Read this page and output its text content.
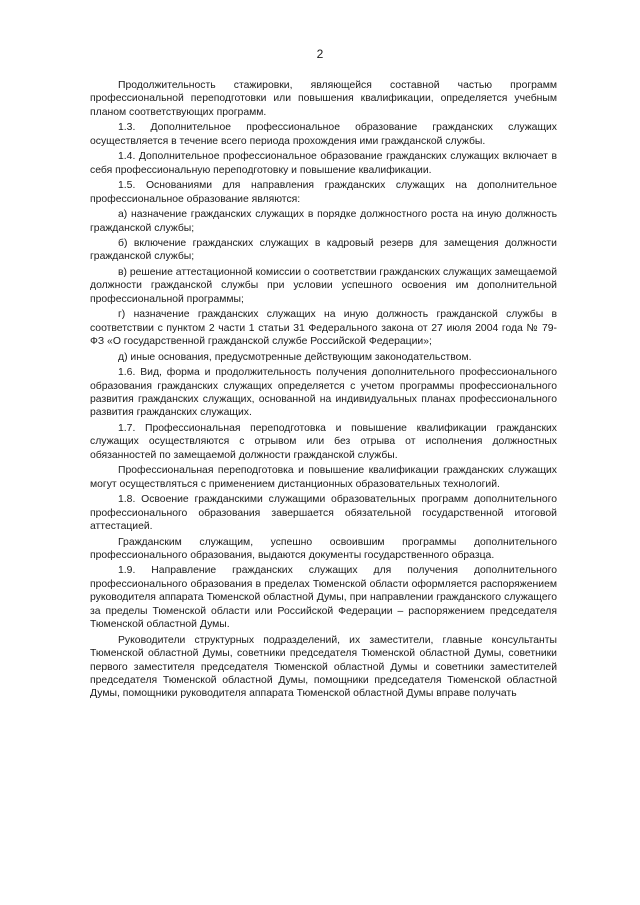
2

Продолжительность стажировки, являющейся составной частью программ профессиональной переподготовки или повышения квалификации, определяется учебным планом соответствующих программ.

1.3. Дополнительное профессиональное образование гражданских служащих осуществляется в течение всего периода прохождения ими гражданской службы.

1.4. Дополнительное профессиональное образование гражданских служащих включает в себя профессиональную переподготовку и повышение квалификации.

1.5. Основаниями для направления гражданских служащих на дополнительное профессиональное образование являются:

а) назначение гражданских служащих в порядке должностного роста на иную должность гражданской службы;

б) включение гражданских служащих в кадровый резерв для замещения должности гражданской службы;

в) решение аттестационной комиссии о соответствии гражданских служащих замещаемой должности гражданской службы при условии успешного освоения им дополнительной профессиональной программы;

г) назначение гражданских служащих на иную должность гражданской службы в соответствии с пунктом 2 части 1 статьи 31 Федерального закона от 27 июля 2004 года № 79-ФЗ «О государственной гражданской службе Российской Федерации»;

д) иные основания, предусмотренные действующим законодательством.

1.6. Вид, форма и продолжительность получения дополнительного профессионального образования гражданских служащих определяется с учетом программы профессионального развития гражданских служащих, основанной на индивидуальных планах профессионального развития гражданских служащих.

1.7. Профессиональная переподготовка и повышение квалификации гражданских служащих осуществляются с отрывом или без отрыва от исполнения должностных обязанностей по замещаемой должности гражданской службы.

Профессиональная переподготовка и повышение квалификации гражданских служащих могут осуществляться с применением дистанционных образовательных технологий.

1.8. Освоение гражданскими служащими образовательных программ дополнительного профессионального образования завершается обязательной государственной итоговой аттестацией.

Гражданским служащим, успешно освоившим программы дополнительного профессионального образования, выдаются документы государственного образца.

1.9. Направление гражданских служащих для получения дополнительного профессионального образования в пределах Тюменской области оформляется распоряжением руководителя аппарата Тюменской областной Думы, при направлении гражданского служащего за пределы Тюменской области или Российской Федерации – распоряжением председателя Тюменской областной Думы.

Руководители структурных подразделений, их заместители, главные консультанты Тюменской областной Думы, советники председателя Тюменской областной Думы, советники первого заместителя председателя Тюменской областной Думы и советники заместителей председателя Тюменской областной Думы, помощники председателя Тюменской областной Думы, помощники руководителя аппарата Тюменской областной Думы вправе получать
